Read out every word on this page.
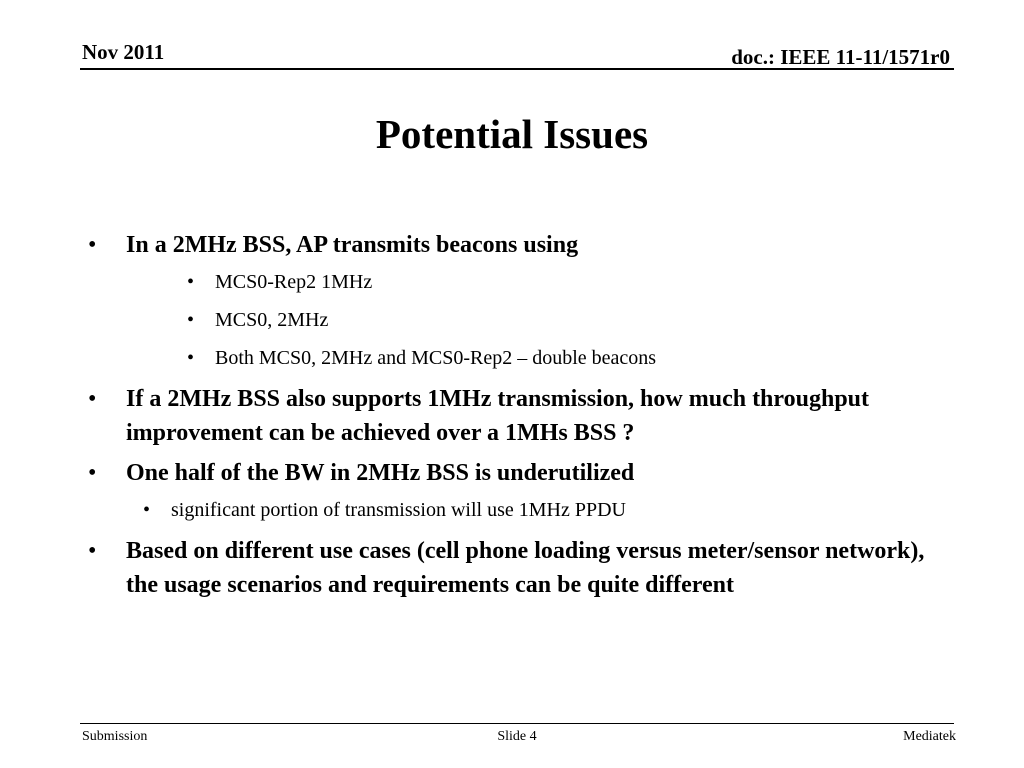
Nov 2011	doc.: IEEE 11-11/1571r0
Potential Issues
• In a 2MHz BSS, AP transmits beacons using
• MCS0-Rep2 1MHz
• MCS0, 2MHz
• Both MCS0, 2MHz and MCS0-Rep2 – double beacons
• If a 2MHz BSS also supports 1MHz transmission, how much throughput improvement can be achieved over a 1MHs BSS ?
• One half of the BW in 2MHz BSS is underutilized
• significant portion of transmission will use 1MHz PPDU
• Based on different use cases (cell phone loading versus meter/sensor network), the usage scenarios and requirements can be quite different
Submission	Slide 4	Mediatek
